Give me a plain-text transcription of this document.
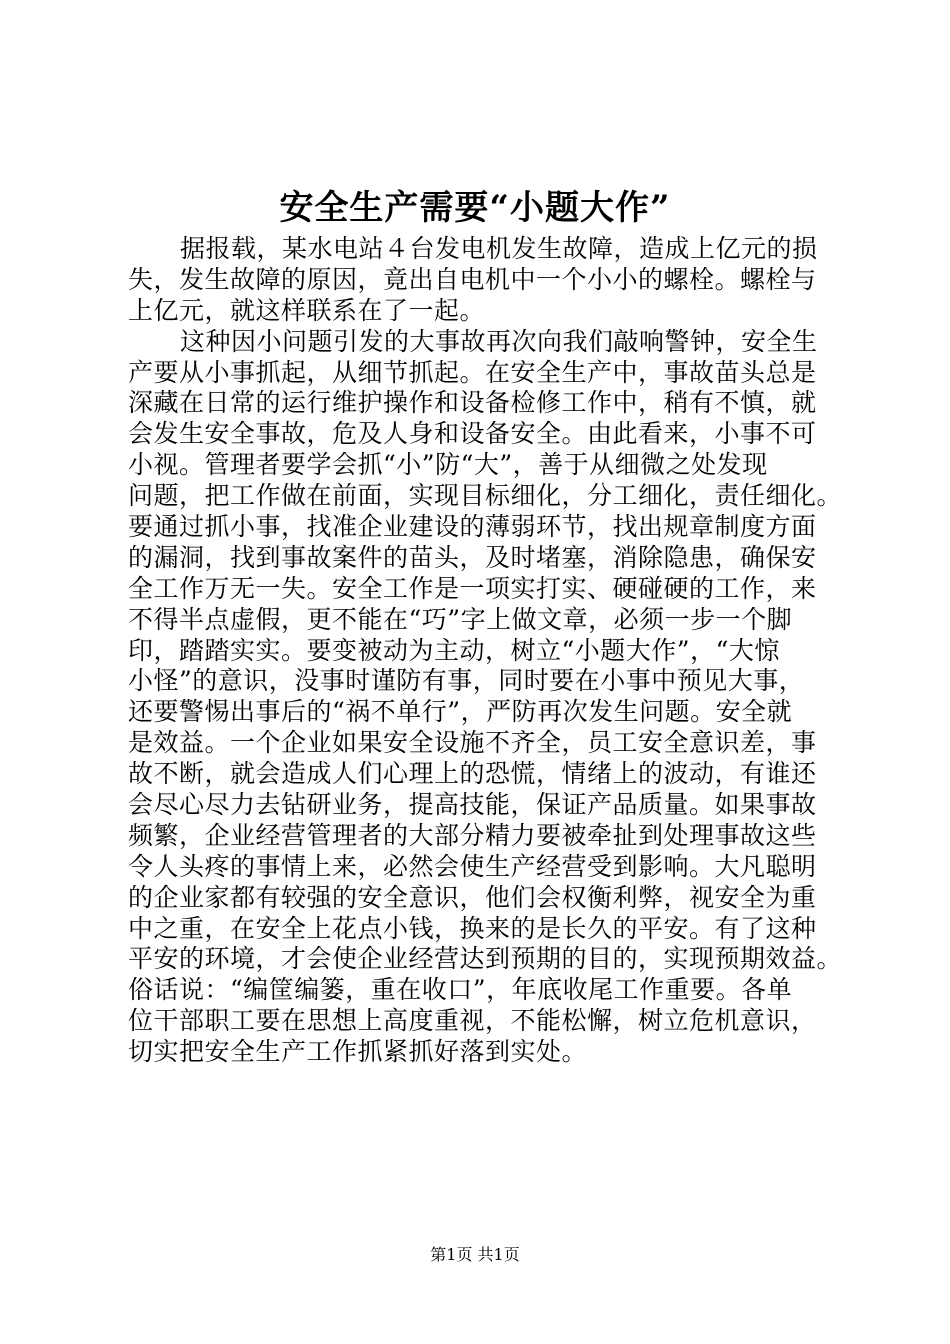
安全生产需要“小题大作”
据报载，某水电站４台发电机发生故障，造成上亿元的损
失，发生故障的原因，竟出自电机中一个小小的螺栓。螺栓与
上亿元，就这样联系在了一起。
这种因小问题引发的大事故再次向我们敲响警钟，安全生
产要从小事抓起，从细节抓起。在安全生产中，事故苗头总是
深藏在日常的运行维护操作和设备检修工作中，稍有不慎，就
会发生安全事故，危及人身和设备安全。由此看来，小事不可
小视。管理者要学会抓“小”防“大”，善于从细微之处发现
问题，把工作做在前面，实现目标细化，分工细化，责任细化。
要通过抓小事，找准企业建设的薄弱环节，找出规章制度方面
的漏洞，找到事故案件的苗头，及时堵塞，消除隐患，确保安
全工作万无一失。安全工作是一项实打实、硬碰硬的工作，来
不得半点虚假，更不能在“巧”字上做文章，必须一步一个脚
印，踏踏实实。要变被动为主动，树立“小题大作”，“大惊
小怪”的意识，没事时谨防有事，同时要在小事中预见大事，
还要警惕出事后的“祸不单行”，严防再次发生问题。安全就
是效益。一个企业如果安全设施不齐全，员工安全意识差，事
故不断，就会造成人们心理上的恐慌，情绪上的波动，有谁还
会尽心尽力去钻研业务，提高技能，保证产品质量。如果事故
频繁，企业经营管理者的大部分精力要被牵扯到处理事故这些
令人头疼的事情上来，必然会使生产经营受到影响。大凡聪明
的企业家都有较强的安全意识，他们会权衡利弊，视安全为重
中之重，在安全上花点小钱，换来的是长久的平安。有了这种
平安的环境，才会使企业经营达到预期的目的，实现预期效益。
俗话说：“编筐编篓，重在收口”，年底收尾工作重要。各单
位干部职工要在思想上高度重视，不能松懈，树立危机意识，
切实把安全生产工作抓紧抓好落到实处。
第1页 共1页
